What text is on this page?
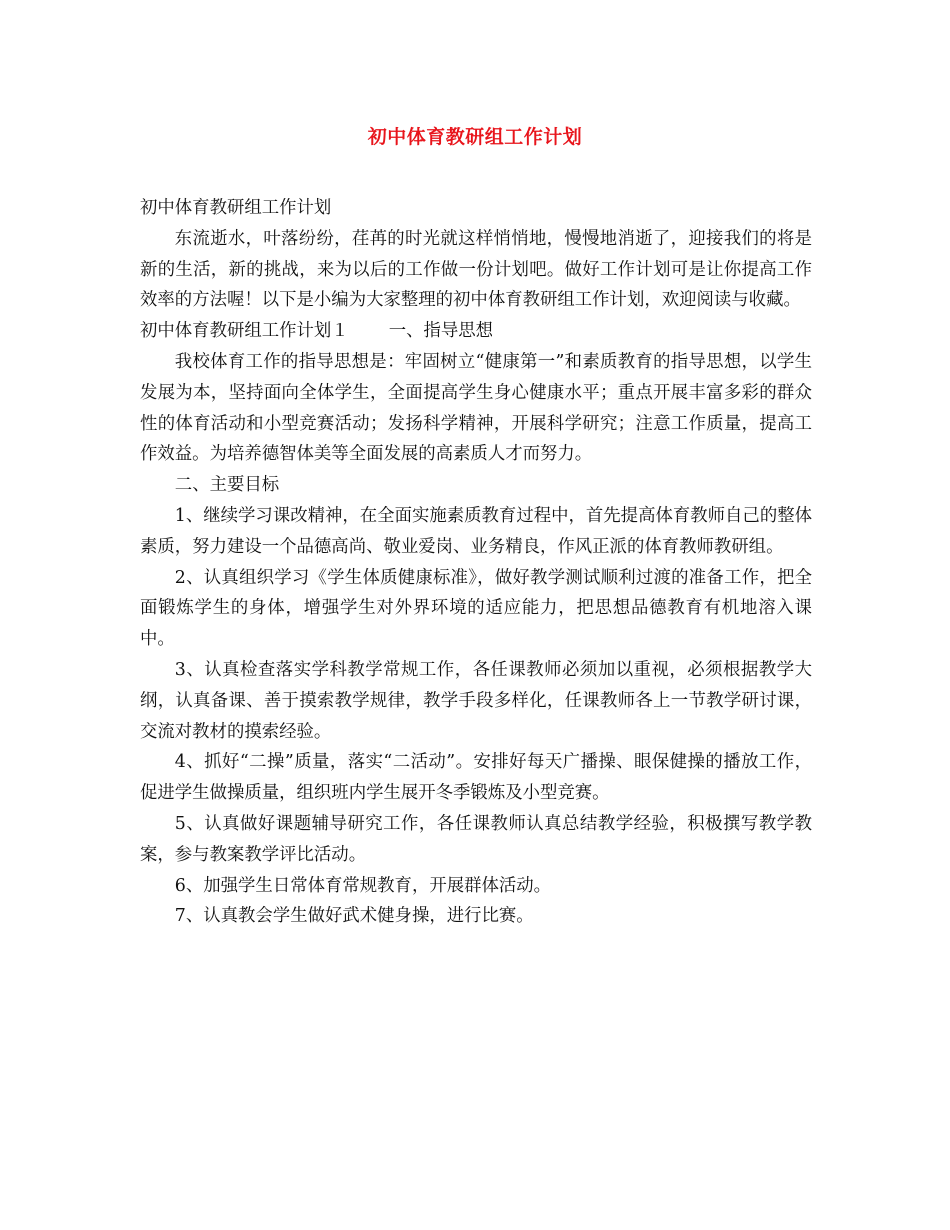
初中体育教研组工作计划

初中体育教研组工作计划

东流逝水，叶落纷纷，荏苒的时光就这样悄悄地，慢慢地消逝了，迎接我们的将是新的生活，新的挑战，来为以后的工作做一份计划吧。做好工作计划可是让你提高工作效率的方法喔！以下是小编为大家整理的初中体育教研组工作计划，欢迎阅读与收藏。

初中体育教研组工作计划１ 一、指导思想

我校体育工作的指导思想是：牢固树立“健康第一”和素质教育的指导思想，以学生发展为本，坚持面向全体学生，全面提高学生身心健康水平；重点开展丰富多彩的群众性的体育活动和小型竞赛活动；发扬科学精神，开展科学研究；注意工作质量，提高工作效益。为培养德智体美等全面发展的高素质人才而努力。

二、主要目标

1、继续学习课改精神，在全面实施素质教育过程中，首先提高体育教师自己的整体素质，努力建设一个品德高尚、敬业爱岗、业务精良，作风正派的体育教师教研组。

2、认真组织学习《学生体质健康标准》，做好教学测试顺利过渡的准备工作，把全面锻炼学生的身体，增强学生对外界环境的适应能力，把思想品德教育有机地溶入课中。

3、认真检查落实学科教学常规工作，各任课教师必须加以重视，必须根据教学大纲，认真备课、善于摸索教学规律，教学手段多样化，任课教师各上一节教学研讨课，交流对教材的摸索经验。

4、抓好“二操”质量，落实“二活动”。安排好每天广播操、眼保健操的播放工作，促进学生做操质量，组织班内学生展开冬季锻炼及小型竞赛。

5、认真做好课题辅导研究工作，各任课教师认真总结教学经验，积极撰写教学教案，参与教案教学评比活动。

6、加强学生日常体育常规教育，开展群体活动。

7、认真教会学生做好武术健身操，进行比赛。
